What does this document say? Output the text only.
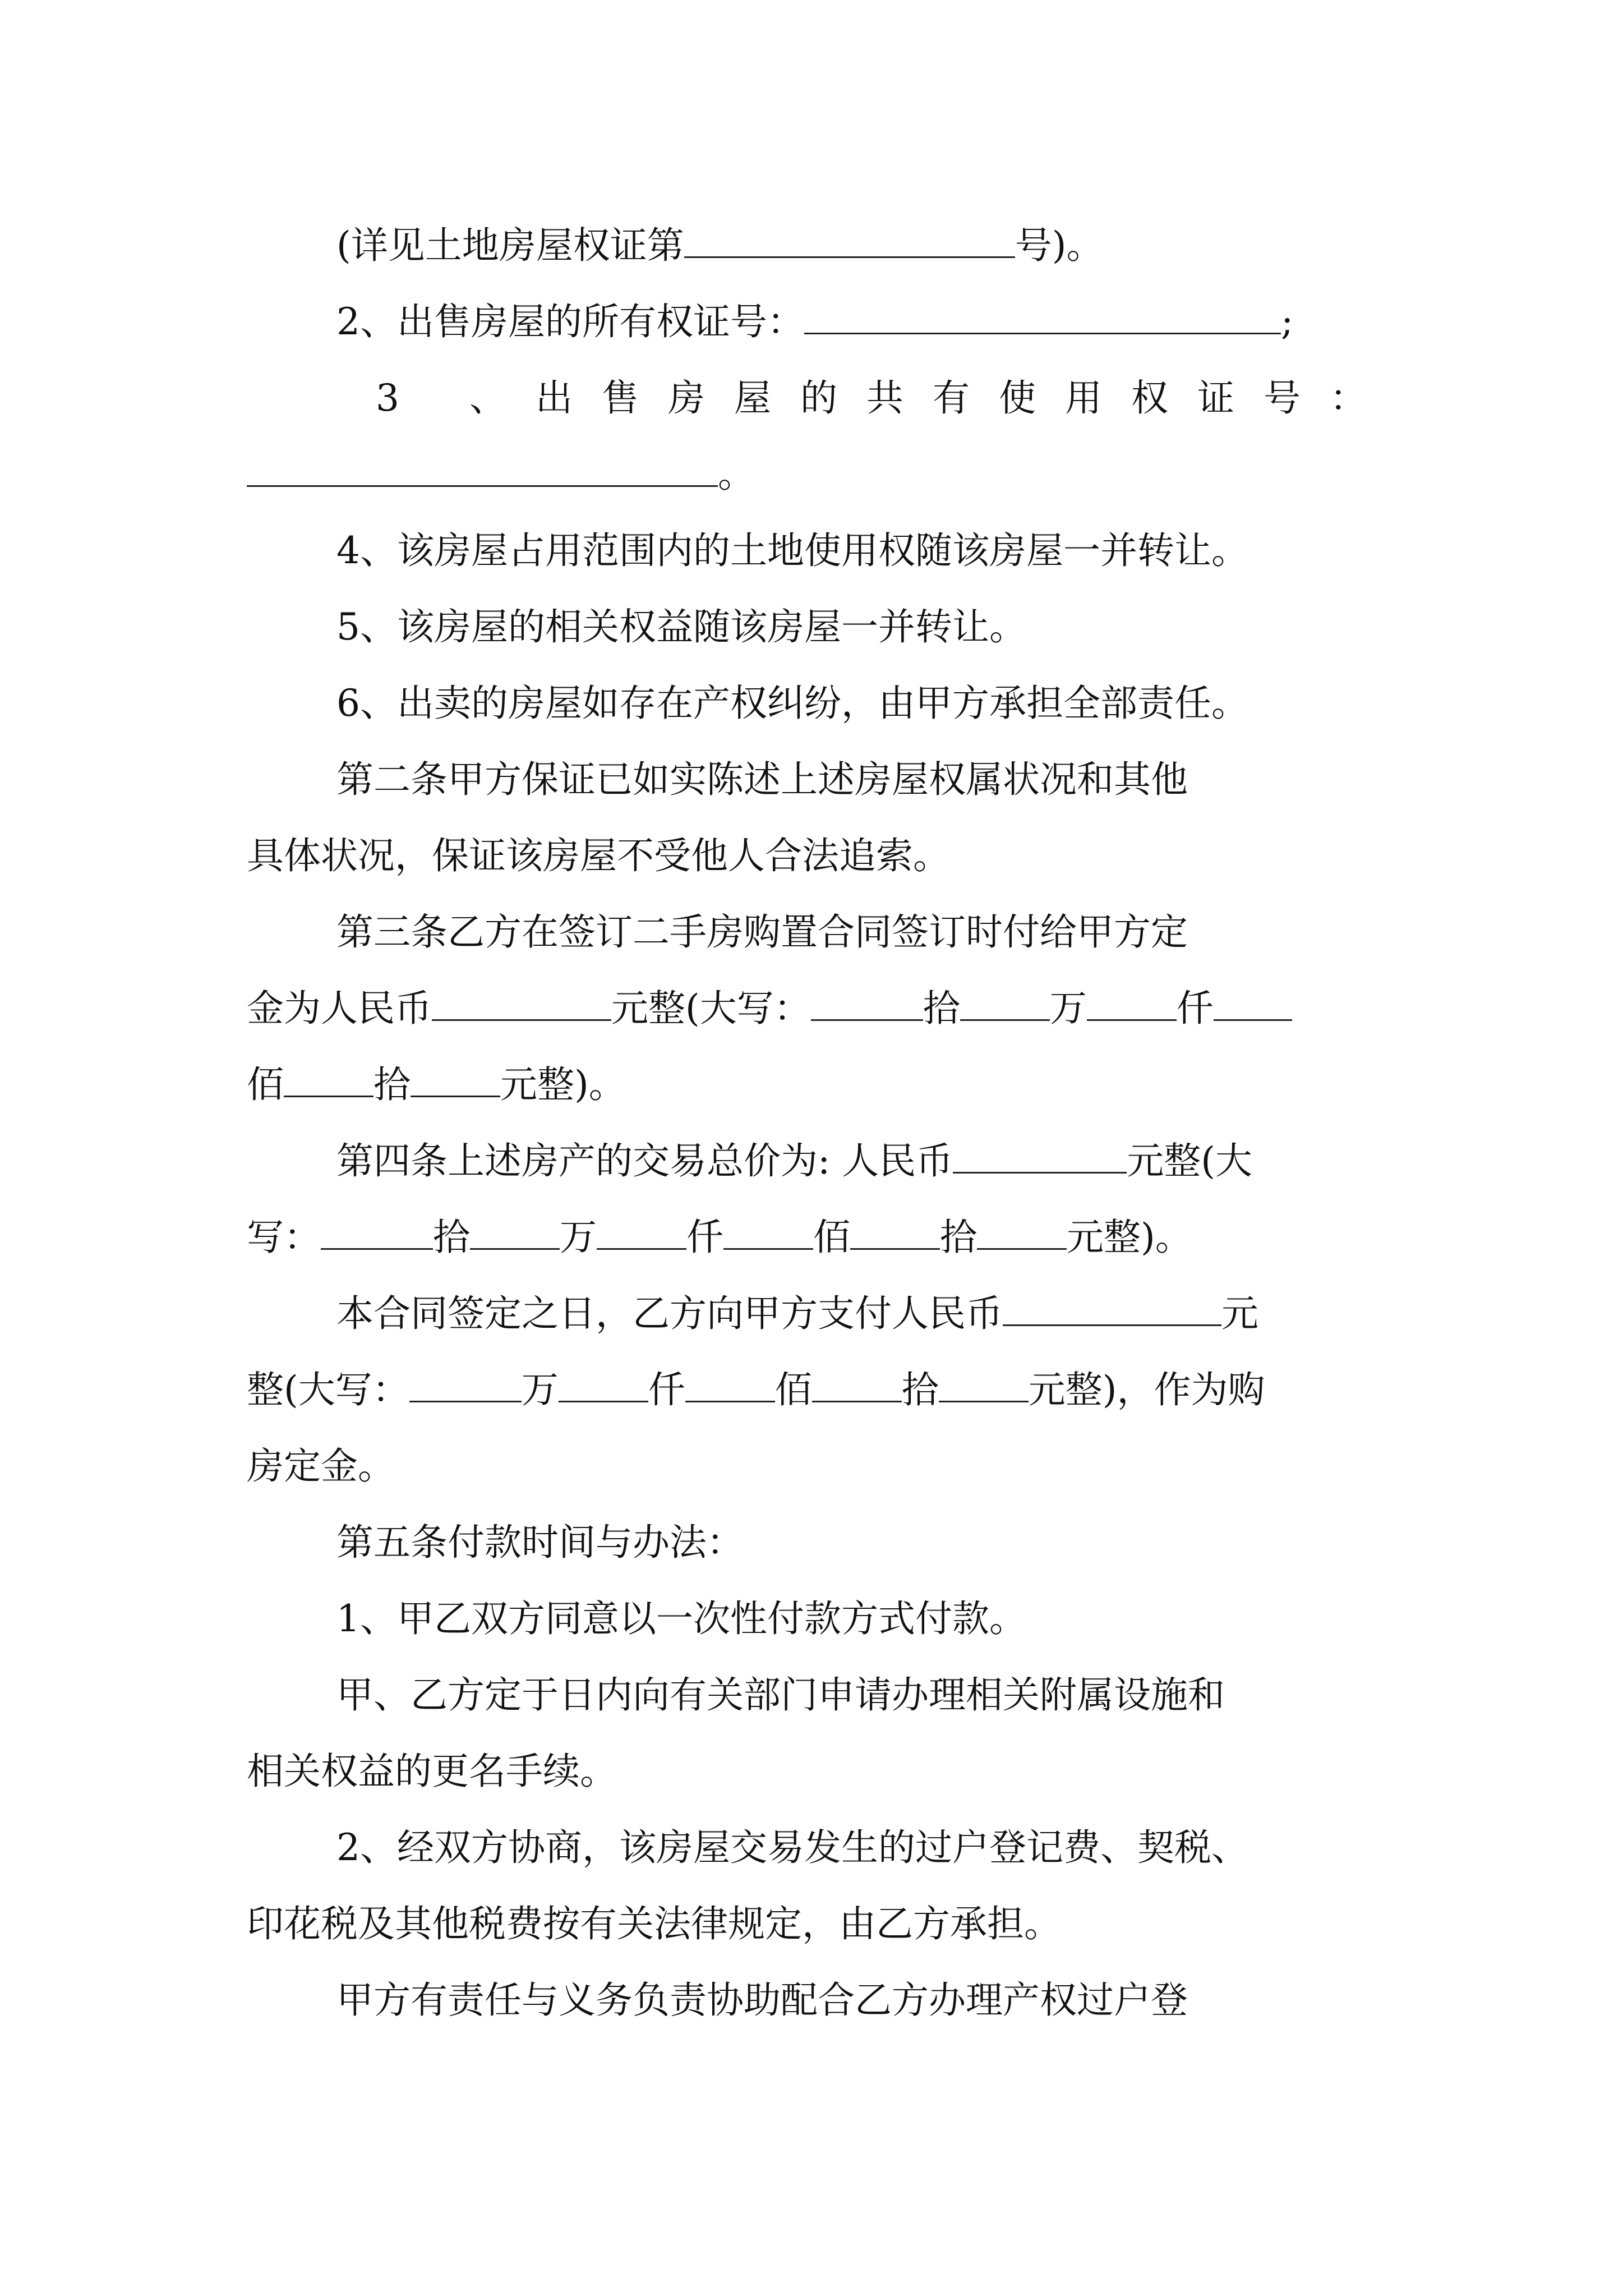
(详见土地房屋权证第	号)。

2、出售房屋的所有权证号：	;

3 、出售房屋的共有使用权证号：

。

4、该房屋占用范围内的土地使用权随该房屋一并转让。

5、该房屋的相关权益随该房屋一并转让。

6、出卖的房屋如存在产权纠纷，由甲方承担全部责任。

第二条甲方保证已如实陈述上述房屋权属状况和其他

具体状况，保证该房屋不受他人合法追索。

第三条乙方在签订二手房购置合同签订时付给甲方定

金为人民币	元整(大写：	拾 万 仟

佰 拾 元整)。

第四条上述房产的交易总价为: 人民币	元整(大

写：	拾 万 仟 佰 拾 元整)。

本合同签定之日，乙方向甲方支付人民币	元

整(大写：	万 仟 佰 拾 元整)，作为购

房定金。

第五条付款时间与办法：

1、甲乙双方同意以一次性付款方式付款。

甲、乙方定于日内向有关部门申请办理相关附属设施和

相关权益的更名手续。

2、经双方协商，该房屋交易发生的过户登记费、契税、

印花税及其他税费按有关法律规定，由乙方承担。

甲方有责任与义务负责协助配合乙方办理产权过户登
